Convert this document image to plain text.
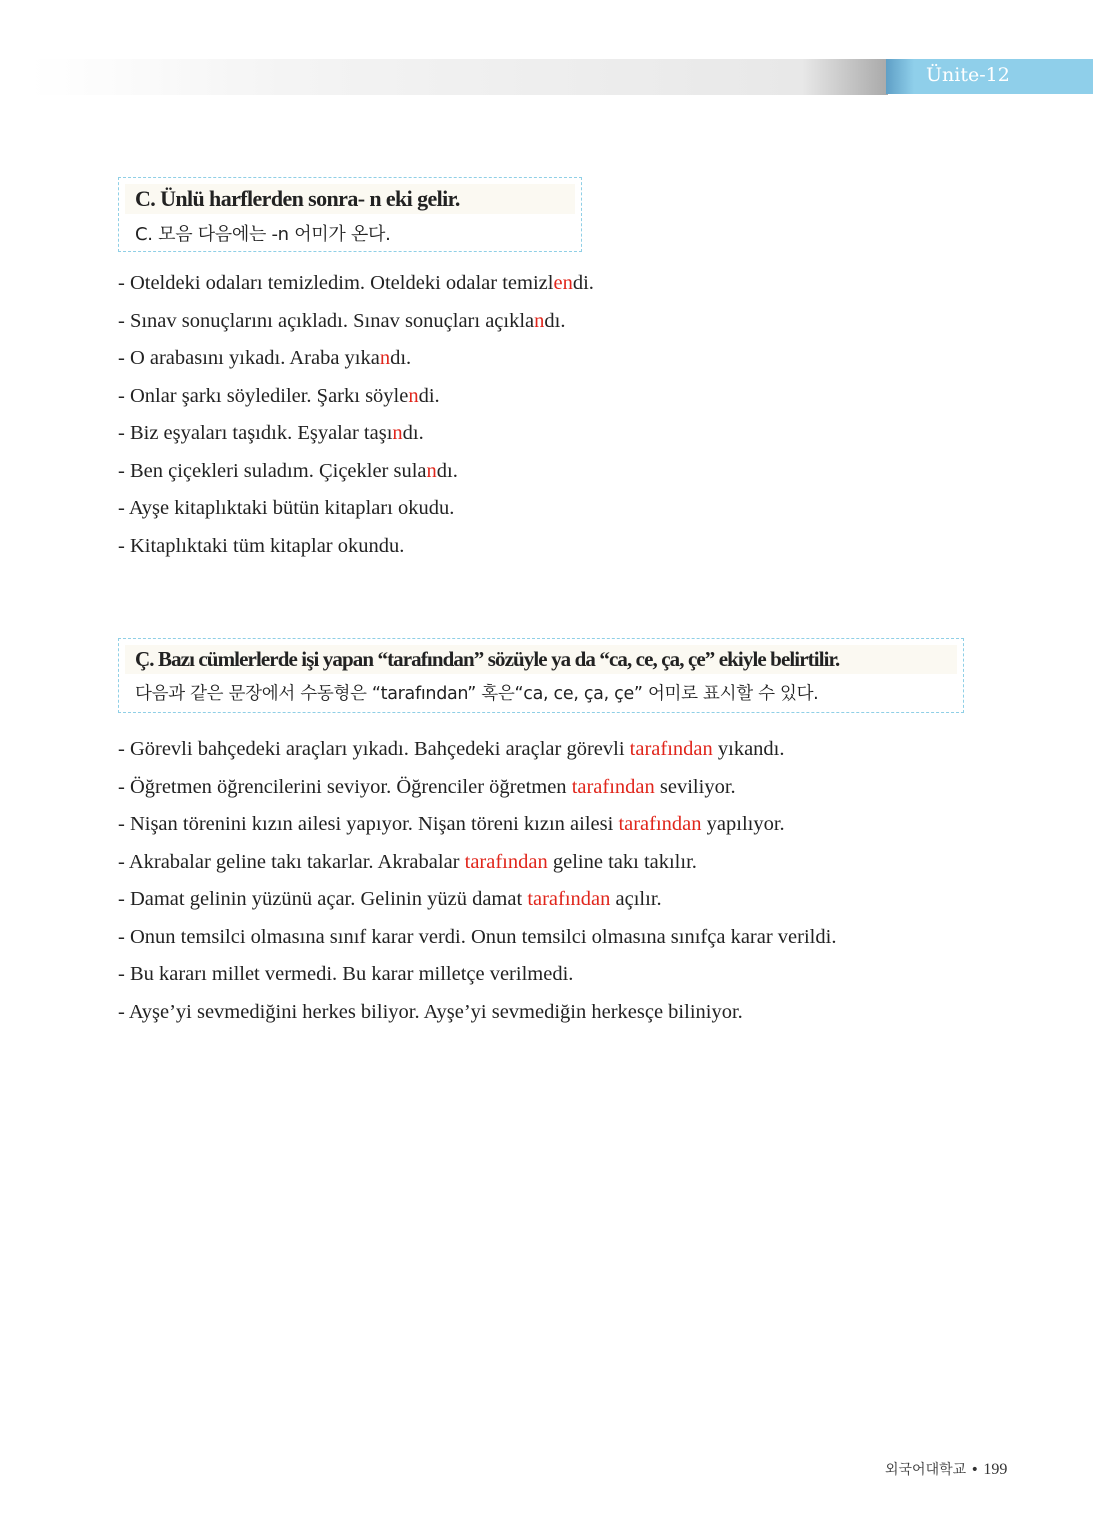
Ünite-12
C. Ünlü harflerden sonra- n eki gelir.
C. 모음 다음에는 -n 어미가 온다.
- Oteldeki odaları temizledim. Oteldeki odalar temizlendi.
- Sınav sonuçlarını açıkladı. Sınav sonuçları açıklandı.
- O arabasını yıkadı. Araba yıkandı.
- Onlar şarkı söylediler. Şarkı söylendi.
- Biz eşyaları taşıdık. Eşyalar taşındı.
- Ben çiçekleri suladım. Çiçekler sulandı.
- Ayşe kitaplıktaki bütün kitapları okudu.
- Kitaplıktaki tüm kitaplar okundu.
Ç. Bazı cümlerlerde işi yapan “tarafından” sözüyle ya da “ca, ce, ça, çe” ekiyle belirtilir.
다음과 같은 문장에서 수동형은 “tarafından” 혹은“ca, ce, ça, çe” 어미로 표시할 수 있다.
- Görevli bahçedeki araçları yıkadı. Bahçedeki araçlar görevli tarafından yıkandı.
- Öğretmen öğrencilerini seviyor. Öğrenciler öğretmen tarafından seviliyor.
- Nişan törenini kızın ailesi yapıyor. Nişan töreni kızın ailesi tarafından yapılıyor.
- Akrabalar geline takı takarlar. Akrabalar tarafından geline takı takılır.
- Damat gelinin yüzünü açar. Gelinin yüzü damat tarafından açılır.
- Onun temsilci olmasına sınıf karar verdi. Onun temsilci olmasına sınıfça karar verildi.
- Bu kararı millet vermedi. Bu karar milletçe verilmedi.
- Ayşe’yi sevmediğini herkes biliyor. Ayşe’yi sevmediğin herkesçe biliniyor.
외국어대학교 • 199
